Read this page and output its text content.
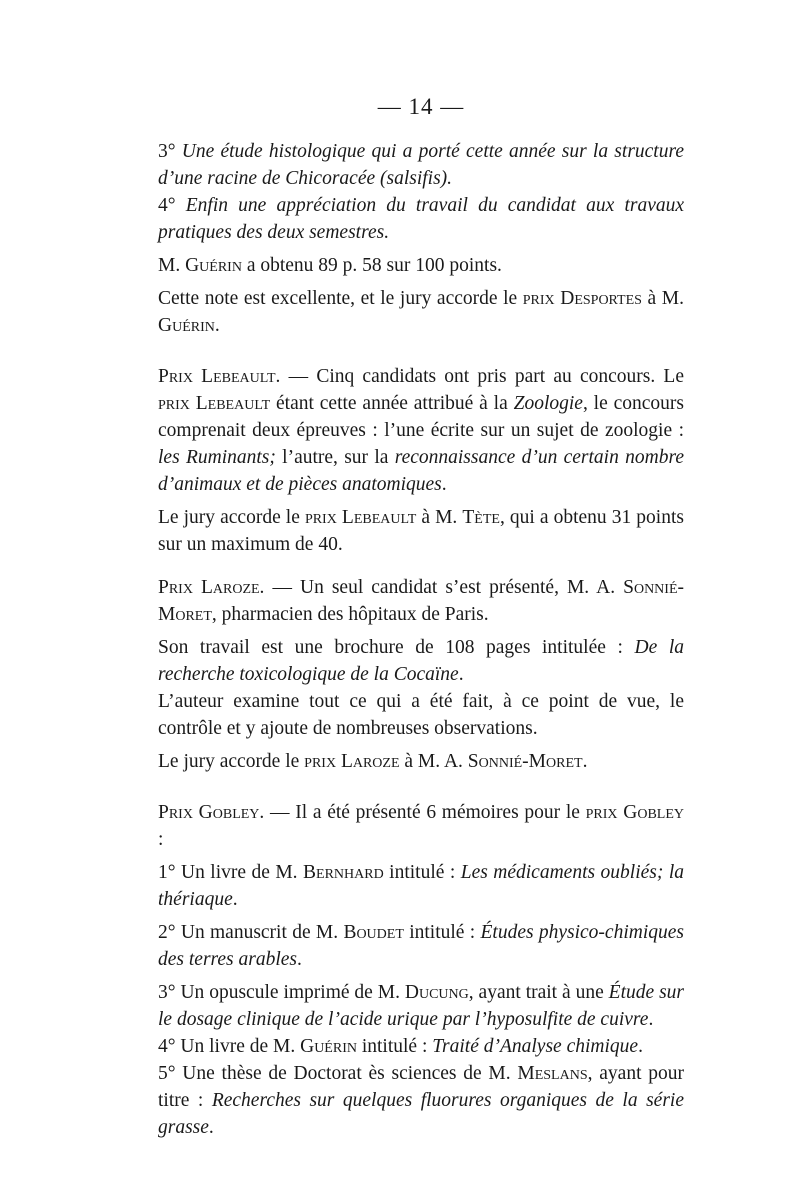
— 14 —

3° Une étude histologique qui a porté cette année sur la structure d’une racine de Chicoracée (salsifis).

4° Enfin une appréciation du travail du candidat aux travaux pratiques des deux semestres.

M. Guérin a obtenu 89 p. 58 sur 100 points.

Cette note est excellente, et le jury accorde le prix Desportes à M. Guérin.

Prix Lebeault. — Cinq candidats ont pris part au concours. Le prix Lebeault étant cette année attribué à la Zoologie, le concours comprenait deux épreuves : l’une écrite sur un sujet de zoologie : les Ruminants; l’autre, sur la reconnaissance d’un certain nombre d’animaux et de pièces anatomiques.

Le jury accorde le prix Lebeault à M. Tète, qui a obtenu 31 points sur un maximum de 40.

Prix Laroze. — Un seul candidat s’est présenté, M. A. Sonnié-Moret, pharmacien des hôpitaux de Paris.

Son travail est une brochure de 108 pages intitulée : De la recherche toxicologique de la Cocaïne.

L’auteur examine tout ce qui a été fait, à ce point de vue, le contrôle et y ajoute de nombreuses observations.

Le jury accorde le prix Laroze à M. A. Sonnié-Moret.

Prix Gobley. — Il a été présenté 6 mémoires pour le prix Gobley :

1° Un livre de M. Bernhard intitulé : Les médicaments oubliés; la thériaque.

2° Un manuscrit de M. Boudet intitulé : Études physico-chimiques des terres arables.

3° Un opuscule imprimé de M. Ducung, ayant trait à une Étude sur le dosage clinique de l’acide urique par l’hyposulfite de cuivre.

4° Un livre de M. Guérin intitulé : Traité d’Analyse chimique.

5° Une thèse de Doctorat ès sciences de M. Meslans, ayant pour titre : Recherches sur quelques fluorures organiques de la série grasse.
